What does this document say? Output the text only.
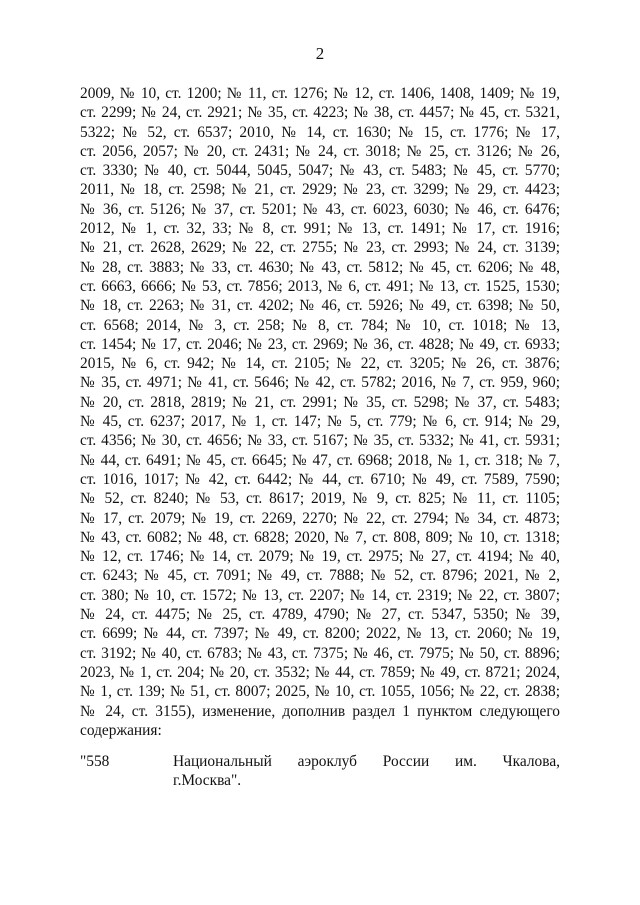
2
2009, № 10, ст. 1200; № 11, ст. 1276; № 12, ст. 1406, 1408, 1409; № 19,
ст. 2299; № 24, ст. 2921; № 35, ст. 4223; № 38, ст. 4457; № 45, ст. 5321,
5322; № 52, ст. 6537; 2010, № 14, ст. 1630; № 15, ст. 1776; № 17,
ст. 2056, 2057; № 20, ст. 2431; № 24, ст. 3018; № 25, ст. 3126; № 26,
ст. 3330; № 40, ст. 5044, 5045, 5047; № 43, ст. 5483; № 45, ст. 5770;
2011, № 18, ст. 2598; № 21, ст. 2929; № 23, ст. 3299; № 29, ст. 4423;
№ 36, ст. 5126; № 37, ст. 5201; № 43, ст. 6023, 6030; № 46, ст. 6476;
2012, № 1, ст. 32, 33; № 8, ст. 991; № 13, ст. 1491; № 17, ст. 1916;
№ 21, ст. 2628, 2629; № 22, ст. 2755; № 23, ст. 2993; № 24, ст. 3139;
№ 28, ст. 3883; № 33, ст. 4630; № 43, ст. 5812; № 45, ст. 6206; № 48,
ст. 6663, 6666; № 53, ст. 7856; 2013, № 6, ст. 491; № 13, ст. 1525, 1530;
№ 18, ст. 2263; № 31, ст. 4202; № 46, ст. 5926; № 49, ст. 6398; № 50,
ст. 6568; 2014, № 3, ст. 258; № 8, ст. 784; № 10, ст. 1018; № 13,
ст. 1454; № 17, ст. 2046; № 23, ст. 2969; № 36, ст. 4828; № 49, ст. 6933;
2015, № 6, ст. 942; № 14, ст. 2105; № 22, ст. 3205; № 26, ст. 3876;
№ 35, ст. 4971; № 41, ст. 5646; № 42, ст. 5782; 2016, № 7, ст. 959, 960;
№ 20, ст. 2818, 2819; № 21, ст. 2991; № 35, ст. 5298; № 37, ст. 5483;
№ 45, ст. 6237; 2017, № 1, ст. 147; № 5, ст. 779; № 6, ст. 914; № 29,
ст. 4356; № 30, ст. 4656; № 33, ст. 5167; № 35, ст. 5332; № 41, ст. 5931;
№ 44, ст. 6491; № 45, ст. 6645; № 47, ст. 6968; 2018, № 1, ст. 318; № 7,
ст. 1016, 1017; № 42, ст. 6442; № 44, ст. 6710; № 49, ст. 7589, 7590;
№ 52, ст. 8240; № 53, ст. 8617; 2019, № 9, ст. 825; № 11, ст. 1105;
№ 17, ст. 2079; № 19, ст. 2269, 2270; № 22, ст. 2794; № 34, ст. 4873;
№ 43, ст. 6082; № 48, ст. 6828; 2020, № 7, ст. 808, 809; № 10, ст. 1318;
№ 12, ст. 1746; № 14, ст. 2079; № 19, ст. 2975; № 27, ст. 4194; № 40,
ст. 6243; № 45, ст. 7091; № 49, ст. 7888; № 52, ст. 8796; 2021, № 2,
ст. 380; № 10, ст. 1572; № 13, ст. 2207; № 14, ст. 2319; № 22, ст. 3807;
№ 24, ст. 4475; № 25, ст. 4789, 4790; № 27, ст. 5347, 5350; № 39,
ст. 6699; № 44, ст. 7397; № 49, ст. 8200; 2022, № 13, ст. 2060; № 19,
ст. 3192; № 40, ст. 6783; № 43, ст. 7375; № 46, ст. 7975; № 50, ст. 8896;
2023, № 1, ст. 204; № 20, ст. 3532; № 44, ст. 7859; № 49, ст. 8721; 2024,
№ 1, ст. 139; № 51, ст. 8007; 2025, № 10, ст. 1055, 1056; № 22, ст. 2838;
№ 24, ст. 3155), изменение, дополнив раздел 1 пунктом следующего
содержания:
"558	Национальный аэроклуб России им. Чкалова,
г.Москва".
